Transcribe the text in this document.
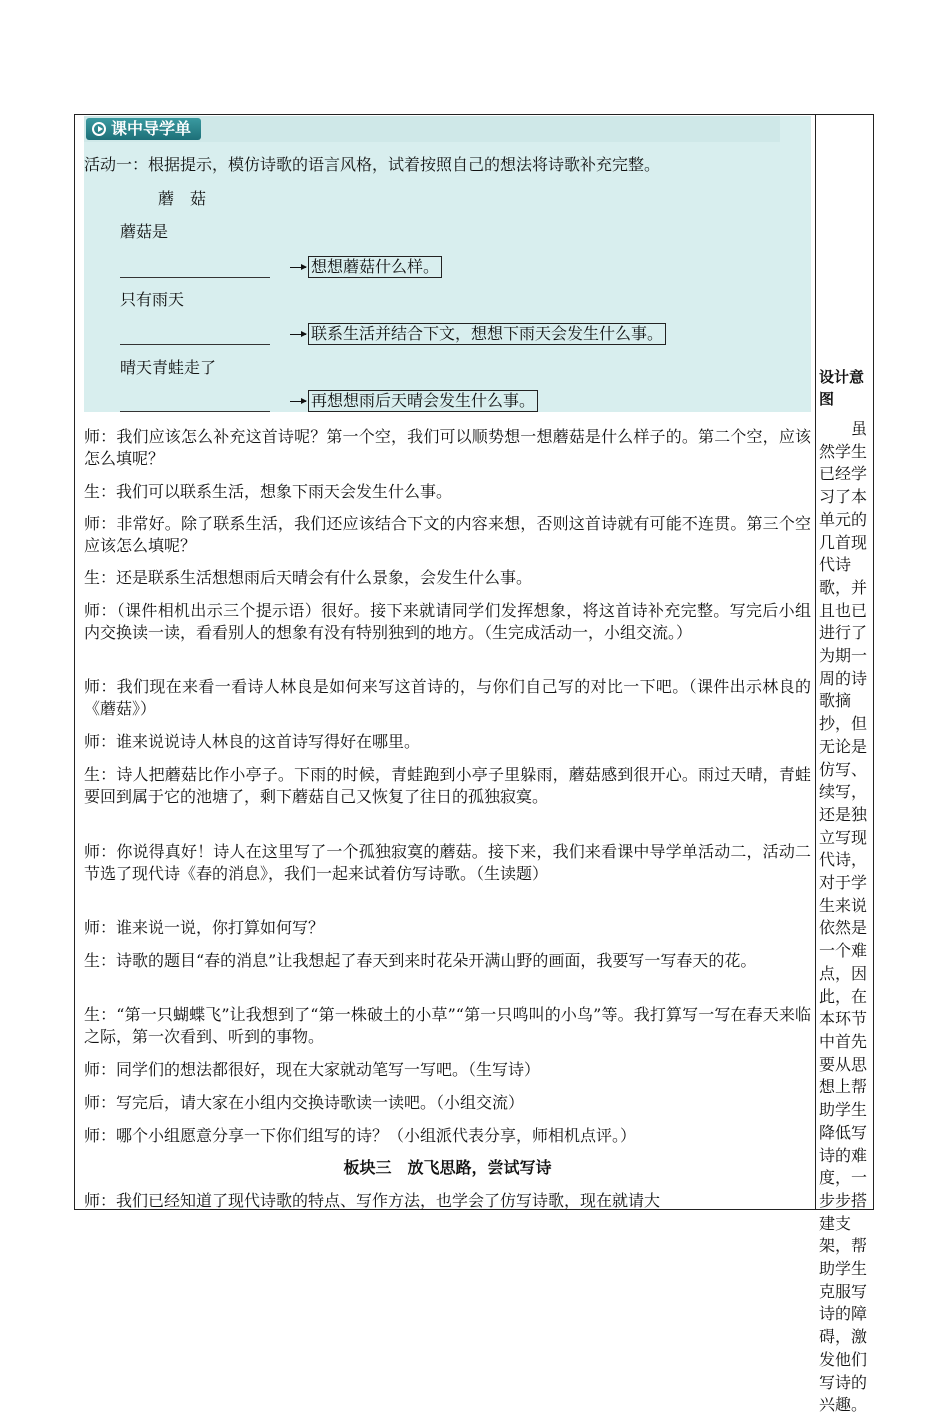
课中导学单
活动一：根据提示，模仿诗歌的语言风格，试着按照自己的想法将诗歌补充完整。
蘑　菇
蘑菇是
想想蘑菇什么样。
只有雨天
联系生活并结合下文，想想下雨天会发生什么事。
晴天青蛙走了
再想想雨后天晴会发生什么事。

师：我们应该怎么补充这首诗呢？第一个空，我们可以顺势想一想蘑菇是什么样子的。第二个空，应该怎么填呢？

生：我们可以联系生活，想象下雨天会发生什么事。

师：非常好。除了联系生活，我们还应该结合下文的内容来想，否则这首诗就有可能不连贯。第三个空应该怎么填呢？

生：还是联系生活想想雨后天晴会有什么景象，会发生什么事。

师：（课件相机出示三个提示语）很好。接下来就请同学们发挥想象，将这首诗补充完整。写完后小组内交换读一读，看看别人的想象有没有特别独到的地方。（生完成活动一，小组交流。）

师：我们现在来看一看诗人林良是如何来写这首诗的，与你们自己写的对比一下吧。（课件出示林良的《蘑菇》）

师：谁来说说诗人林良的这首诗写得好在哪里。

生：诗人把蘑菇比作小亭子。下雨的时候，青蛙跑到小亭子里躲雨，蘑菇感到很开心。雨过天晴，青蛙要回到属于它的池塘了，剩下蘑菇自己又恢复了往日的孤独寂寞。

师：你说得真好！诗人在这里写了一个孤独寂寞的蘑菇。接下来，我们来看课中导学单活动二，活动二节选了现代诗《春的消息》，我们一起来试着仿写诗歌。（生读题）

师：谁来说一说，你打算如何写？

生：诗歌的题目“春的消息”让我想起了春天到来时花朵开满山野的画面，我要写一写春天的花。

生：“第一只蝴蝶飞”让我想到了“第一株破土的小草”“第一只鸣叫的小鸟”等。我打算写一写在春天来临之际，第一次看到、听到的事物。

师：同学们的想法都很好，现在大家就动笔写一写吧。（生写诗）

师：写完后，请大家在小组内交换诗歌读一读吧。（小组交流）

师：哪个小组愿意分享一下你们组写的诗？（小组派代表分享，师相机点评。）

板块三　放飞思路，尝试写诗

师：我们已经知道了现代诗歌的特点、写作方法，也学会了仿写诗歌，现在就请大

设计意图

虽然学生已经学习了本单元的几首现代诗歌，并且也已进行了为期一周的诗歌摘抄，但无论是仿写、续写，还是独立写现代诗，对于学生来说依然是一个难点，因此，在本环节中首先要从思想上帮助学生降低写诗的难度，一步步搭建支架，帮助学生克服写诗的障碍，激发他们写诗的兴趣。
